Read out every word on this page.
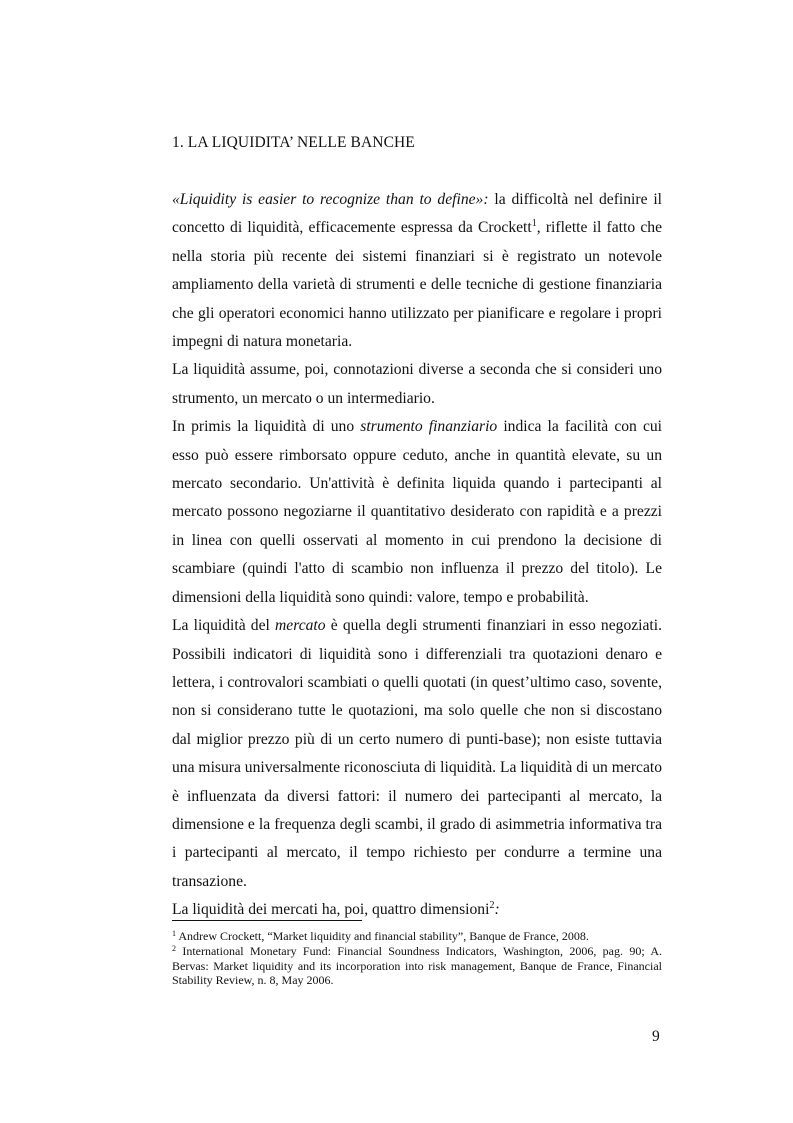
1. LA LIQUIDITA’ NELLE BANCHE

«Liquidity is easier to recognize than to define»: la difficoltà nel definire il concetto di liquidità, efficacemente espressa da Crockett$^1$, riflette il fatto che nella storia più recente dei sistemi finanziari si è registrato un notevole ampliamento della varietà di strumenti e delle tecniche di gestione finanziaria che gli operatori economici hanno utilizzato per pianificare e regolare i propri impegni di natura monetaria.

La liquidità assume, poi, connotazioni diverse a seconda che si consideri uno strumento, un mercato o un intermediario.

In primis la liquidità di uno strumento finanziario indica la facilità con cui esso può essere rimborsato oppure ceduto, anche in quantità elevate, su un mercato secondario. Un'attività è definita liquida quando i partecipanti al mercato possono negoziarne il quantitativo desiderato con rapidità e a prezzi in linea con quelli osservati al momento in cui prendono la decisione di scambiare (quindi l'atto di scambio non influenza il prezzo del titolo). Le dimensioni della liquidità sono quindi: valore, tempo e probabilità.

La liquidità del mercato è quella degli strumenti finanziari in esso negoziati. Possibili indicatori di liquidità sono i differenziali tra quotazioni denaro e lettera, i controvalori scambiati o quelli quotati (in quest’ultimo caso, sovente, non si considerano tutte le quotazioni, ma solo quelle che non si discostano dal miglior prezzo più di un certo numero di punti-base); non esiste tuttavia una misura universalmente riconosciuta di liquidità. La liquidità di un mercato è influenzata da diversi fattori: il numero dei partecipanti al mercato, la dimensione e la frequenza degli scambi, il grado di asimmetria informativa tra i partecipanti al mercato, il tempo richiesto per condurre a termine una transazione.

La liquidità dei mercati ha, poi, quattro dimensioni$^2$:

$^1$ Andrew Crockett, “Market liquidity and financial stability”, Banque de France, 2008.

$^2$ International Monetary Fund: Financial Soundness Indicators, Washington, 2006, pag. 90; A. Bervas: Market liquidity and its incorporation into risk management, Banque de France, Financial Stability Review, n. 8, May 2006.

9
